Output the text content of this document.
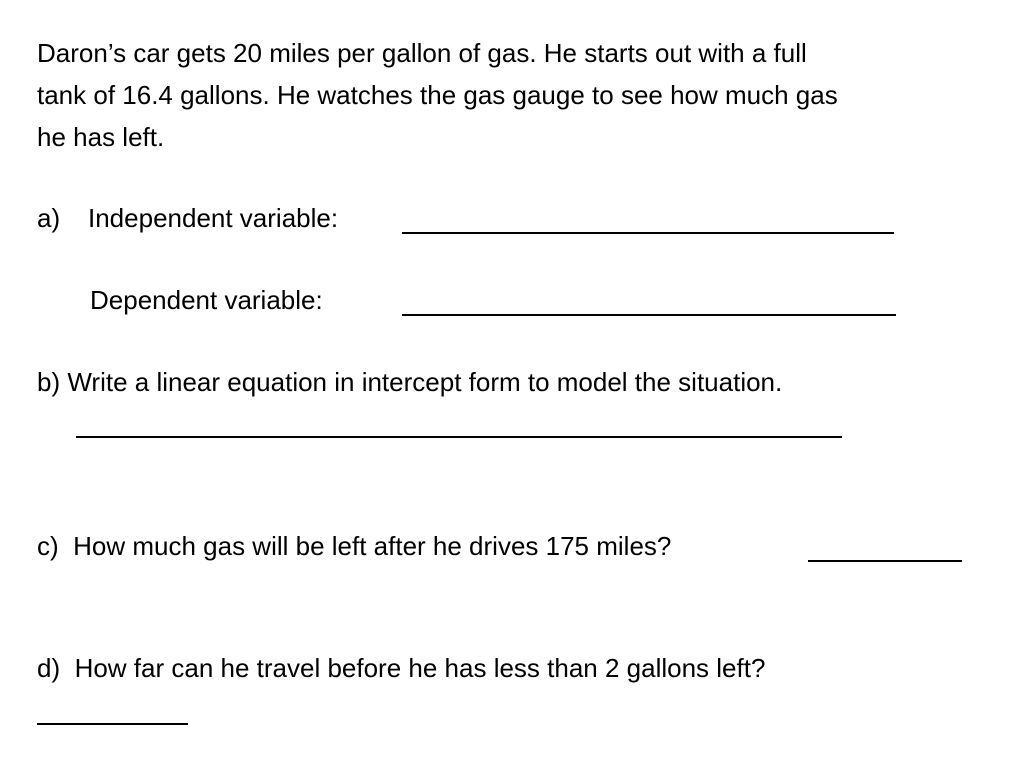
Daron’s car gets 20 miles per gallon of gas. He starts out with a full
tank of 16.4 gallons. He watches the gas gauge to see how much gas
he has left.
a) Independent variable:
Dependent variable:
b) Write a linear equation in intercept form to model the situation.
c)  How much gas will be left after he drives 175 miles?
d)  How far can he travel before he has less than 2 gallons left?
